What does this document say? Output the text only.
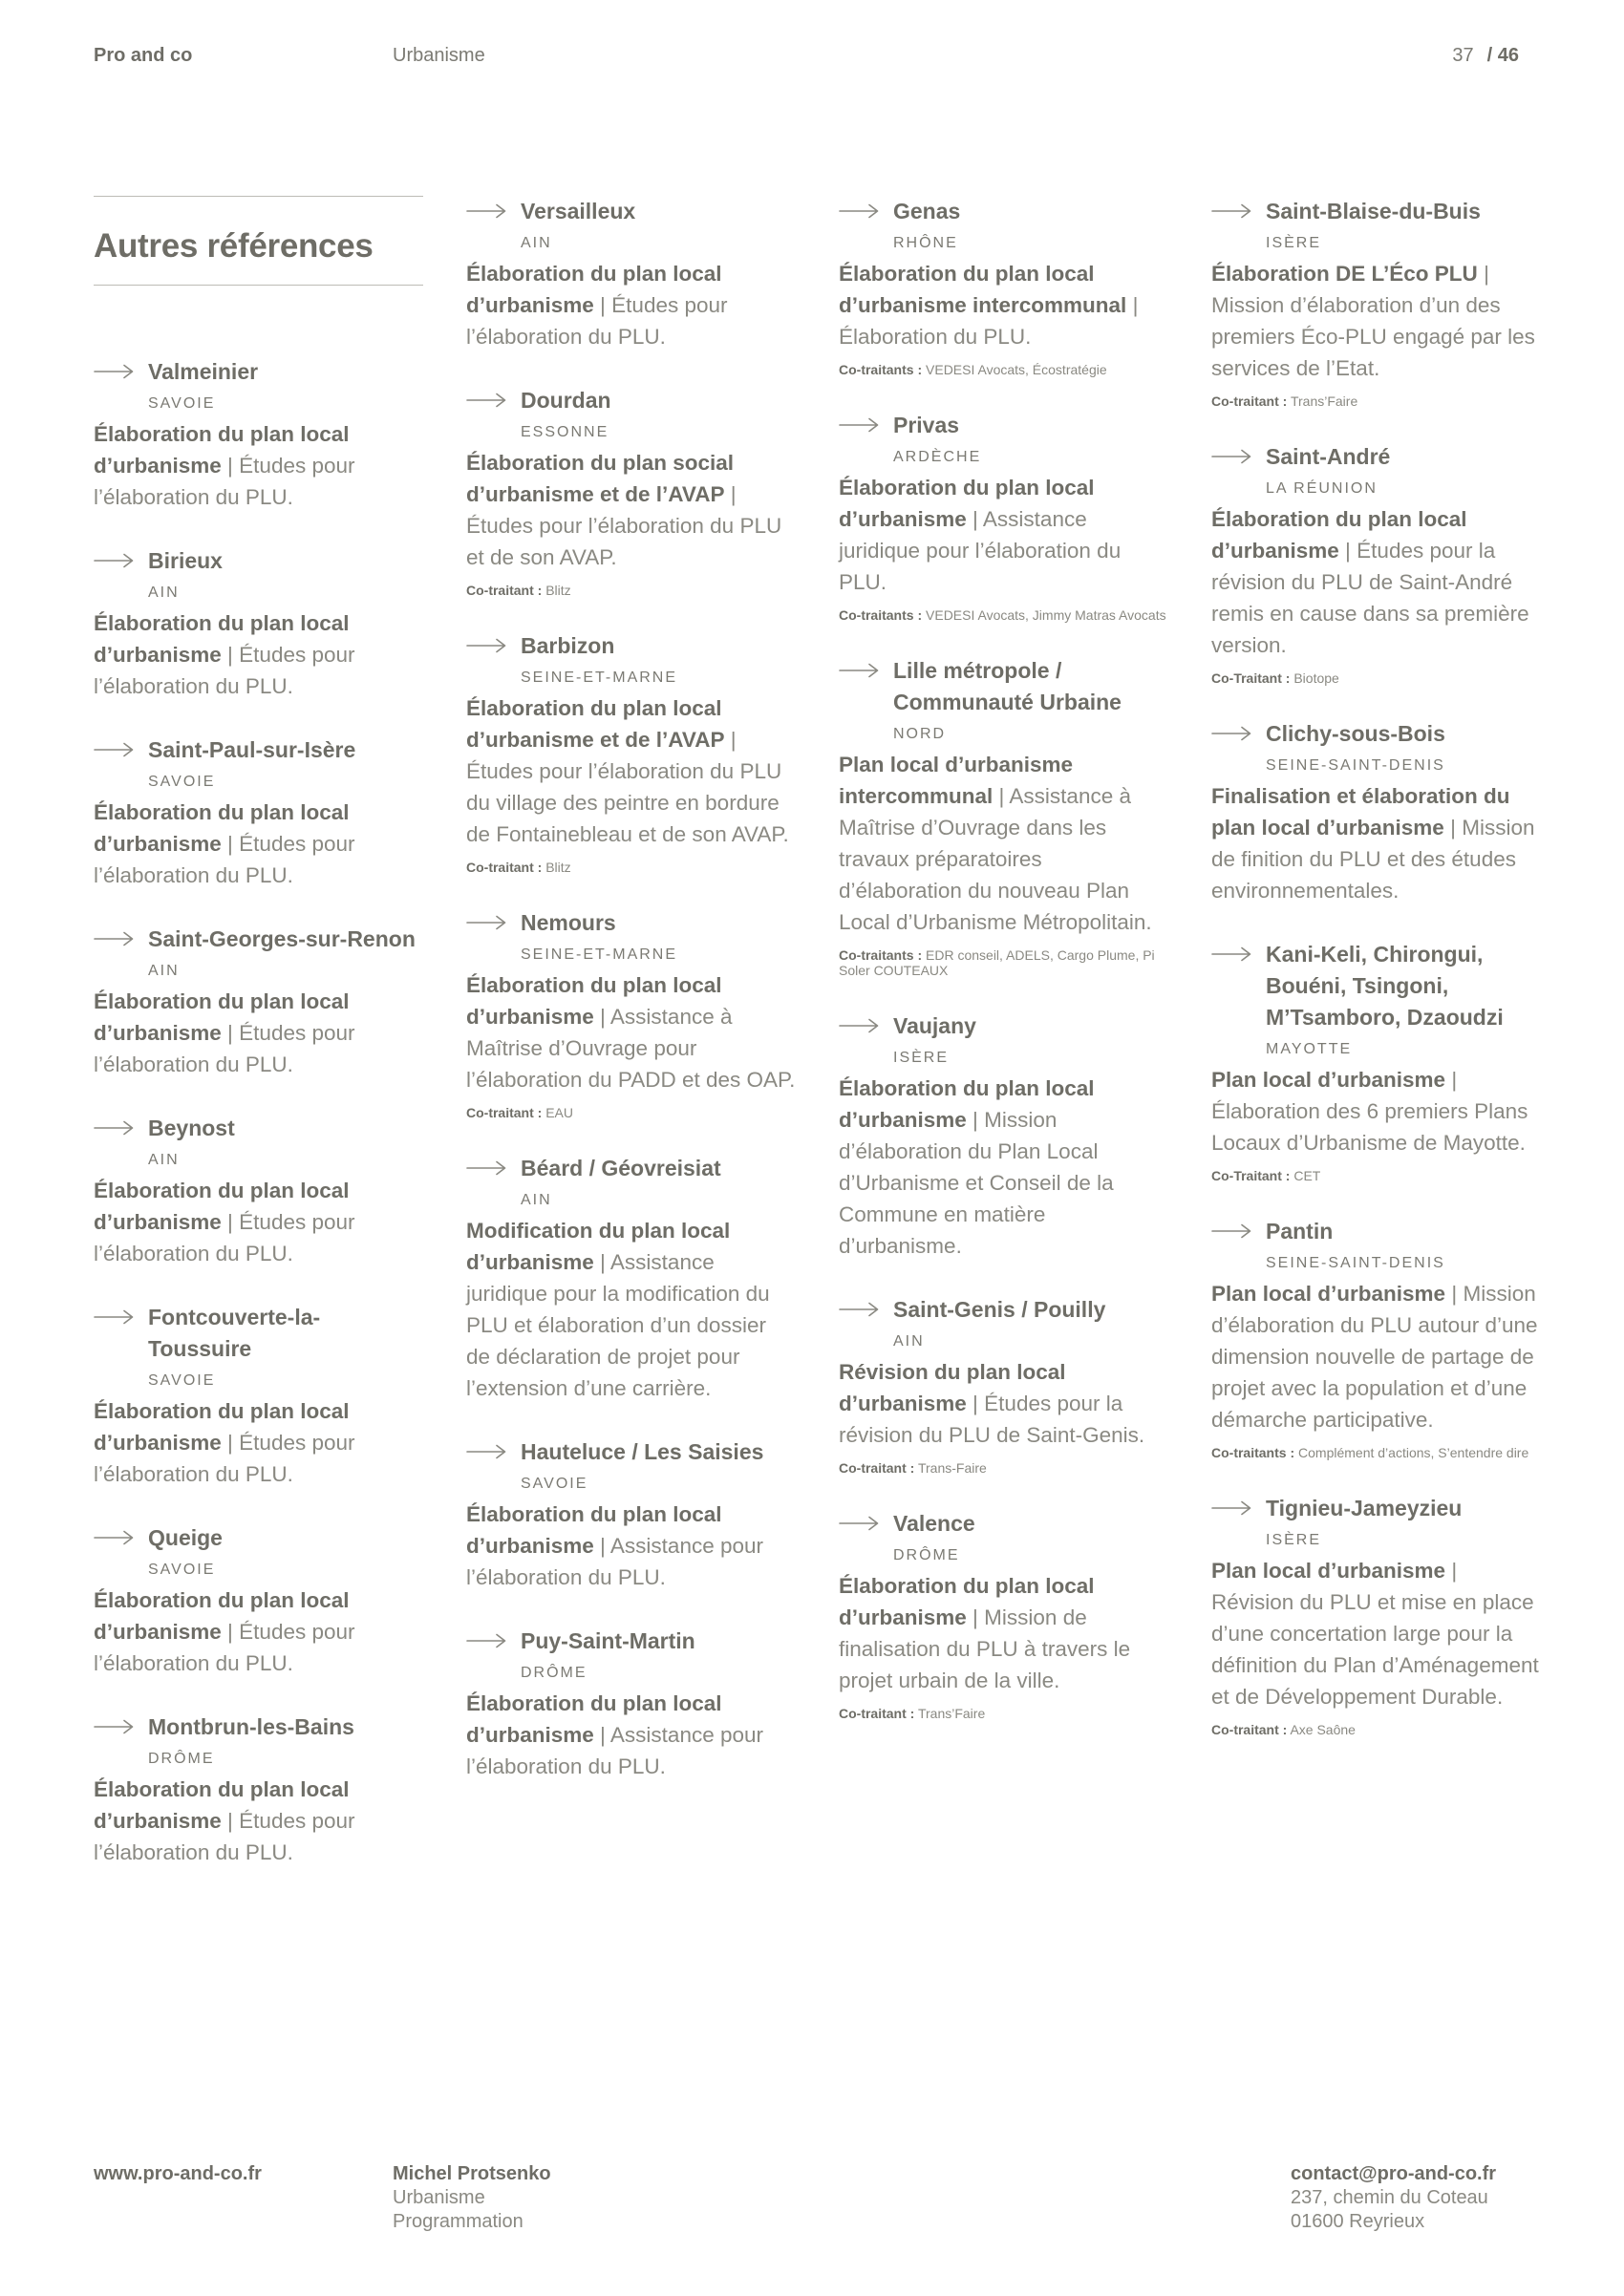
Pro and co	Urbanisme	37 / 46
Autres références
Valmeinier
SAVOIE
Élaboration du plan local d’urbanisme | Études pour l’élaboration du PLU.
Birieux
AIN
Élaboration du plan local d’urbanisme | Études pour l’élaboration du PLU.
Saint-Paul-sur-Isère
SAVOIE
Élaboration du plan local d’urbanisme | Études pour l’élaboration du PLU.
Saint-Georges-sur-Renon
AIN
Élaboration du plan local d’urbanisme | Études pour l’élaboration du PLU.
Beynost
AIN
Élaboration du plan local d’urbanisme | Études pour l’élaboration du PLU.
Fontcouverte-la-Toussuire
SAVOIE
Élaboration du plan local d’urbanisme | Études pour l’élaboration du PLU.
Queige
SAVOIE
Élaboration du plan local d’urbanisme | Études pour l’élaboration du PLU.
Montbrun-les-Bains
DRÔME
Élaboration du plan local d’urbanisme | Études pour l’élaboration du PLU.
Versailleux
AIN
Élaboration du plan local d’urbanisme | Études pour l’élaboration du PLU.
Dourdan
ESSONNE
Élaboration du plan social d’urbanisme et de l’AVAP | Études pour l’élaboration du PLU et de son AVAP.
Co-traitant : Blitz
Barbizon
SEINE-ET-MARNE
Élaboration du plan local d’urbanisme et de l’AVAP | Études pour l’élaboration du PLU du village des peintre en bordure de Fontainebleau et de son AVAP.
Co-traitant : Blitz
Nemours
SEINE-ET-MARNE
Élaboration du plan local d’urbanisme | Assistance à Maîtrise d’Ouvrage pour l’élaboration du PADD et des OAP.
Co-traitant : EAU
Béard / Géovreisiat
AIN
Modification du plan local d’urbanisme | Assistance juridique pour la modification du PLU et élaboration d’un dossier de déclaration de projet pour l’extension d’une carrière.
Hauteluce / Les Saisies
SAVOIE
Élaboration du plan local d’urbanisme | Assistance pour l’élaboration du PLU.
Puy-Saint-Martin
DRÔME
Élaboration du plan local d’urbanisme | Assistance pour l’élaboration du PLU.
Genas
RHÔNE
Élaboration du plan local d’urbanisme intercommunal | Élaboration du PLU.
Co-traitants : VEDESI Avocats, Écostratégie
Privas
ARDÈCHE
Élaboration du plan local d’urbanisme | Assistance juridique pour l’élaboration du PLU.
Co-traitants : VEDESI Avocats, Jimmy Matras Avocats
Lille métropole / Communauté Urbaine
NORD
Plan local d’urbanisme intercommunal | Assistance à Maîtrise d’Ouvrage dans les travaux préparatoires d’élaboration du nouveau Plan Local d’Urbanisme Métropolitain.
Co-traitants : EDR conseil, ADELS, Cargo Plume, Pi Soler COUTEAUX
Vaujany
ISÈRE
Élaboration du plan local d’urbanisme | Mission d’élaboration du Plan Local d’Urbanisme et Conseil de la Commune en matière d’urbanisme.
Saint-Genis / Pouilly
AIN
Révision du plan local d’urbanisme | Études pour la révision du PLU de Saint-Genis.
Co-traitant : Trans-Faire
Valence
DRÔME
Élaboration du plan local d’urbanisme | Mission de finalisation du PLU à travers le projet urbain de la ville.
Co-traitant : Trans’Faire
Saint-Blaise-du-Buis
ISÈRE
Élaboration DE L’Éco PLU | Mission d’élaboration d’un des premiers Éco-PLU engagé par les services de l’Etat.
Co-traitant : Trans’Faire
Saint-André
LA RÉUNION
Élaboration du plan local d’urbanisme | Études pour la révision du PLU de Saint-André remis en cause dans sa première version.
Co-Traitant : Biotope
Clichy-sous-Bois
SEINE-SAINT-DENIS
Finalisation et élaboration du plan local d’urbanisme | Mission de finition du PLU et des études environnementales.
Kani-Keli, Chirongui, Bouéni, Tsingoni, M’Tsamboro, Dzaoudzi
MAYOTTE
Plan local d’urbanisme | Élaboration des 6 premiers Plans Locaux d’Urbanisme de Mayotte.
Co-Traitant : CET
Pantin
SEINE-SAINT-DENIS
Plan local d’urbanisme | Mission d’élaboration du PLU autour d’une dimension nouvelle de partage de projet avec la population et d’une démarche participative.
Co-traitants : Complément d’actions, S’entendre dire
Tignieu-Jameyzieu
ISÈRE
Plan local d’urbanisme | Révision du PLU et mise en place d’une concertation large pour la définition du Plan d’Aménagement et de Développement Durable.
Co-traitant : Axe Saône
www.pro-and-co.fr	Michel Protsenko
Urbanisme
Programmation
contact@pro-and-co.fr
237, chemin du Coteau
01600 Reyrieux
